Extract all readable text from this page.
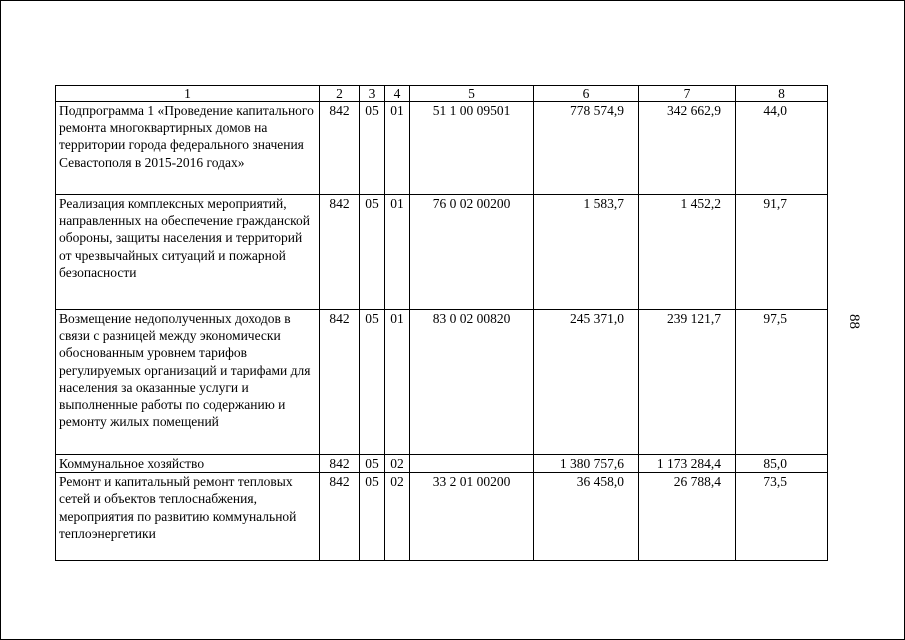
1	2	3	4	5	6	7	8
Подпрограмма 1 «Проведение капитального ремонта многоквартирных домов на территории города федерального значения Севастополя в 2015-2016 годах»	842	05	01	51 1 00 09501	778 574,9	342 662,9	44,0
Реализация комплексных мероприятий, направленных на обеспечение гражданской обороны, защиты населения и территорий от чрезвычайных ситуаций и пожарной безопасности	842	05	01	76 0 02 00200	1 583,7	1 452,2	91,7
Возмещение недополученных доходов в связи с разницей между экономически обоснованным уровнем тарифов регулируемых организаций и тарифами для населения за оказанные услуги и выполненные работы по содержанию и ремонту жилых помещений	842	05	01	83 0 02 00820	245 371,0	239 121,7	97,5
Коммунальное хозяйство	842	05	02		1 380 757,6	1 173 284,4	85,0
Ремонт и капитальный ремонт тепловых сетей и объектов теплоснабжения, мероприятия по развитию коммунальной теплоэнергетики	842	05	02	33 2 01 00200	36 458,0	26 788,4	73,5
88
